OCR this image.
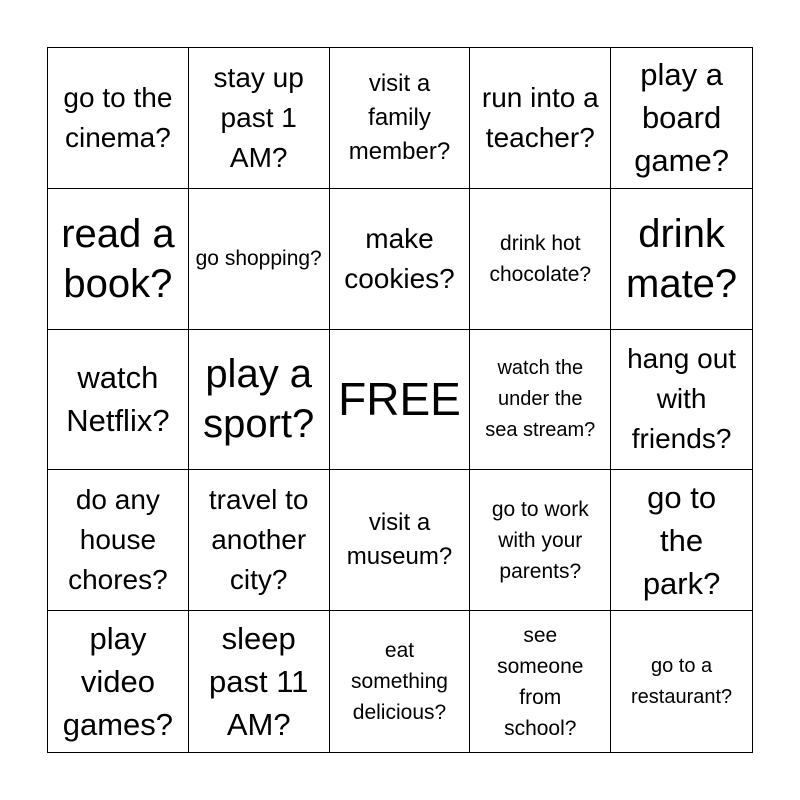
go to the cinema?
stay up past 1 AM?
visit a family member?
run into a teacher?
play a board game?
read a book?
go shopping?
make cookies?
drink hot chocolate?
drink mate?
watch Netflix?
play a sport? FREE
watch the under the sea stream?
hang out with friends?
do any house chores?
travel to another city?
visit a museum?
go to work with your parents?
go to the park?
play video games?
sleep past 11 AM?
eat something delicious?
see someone from school?
go to a restaurant?
